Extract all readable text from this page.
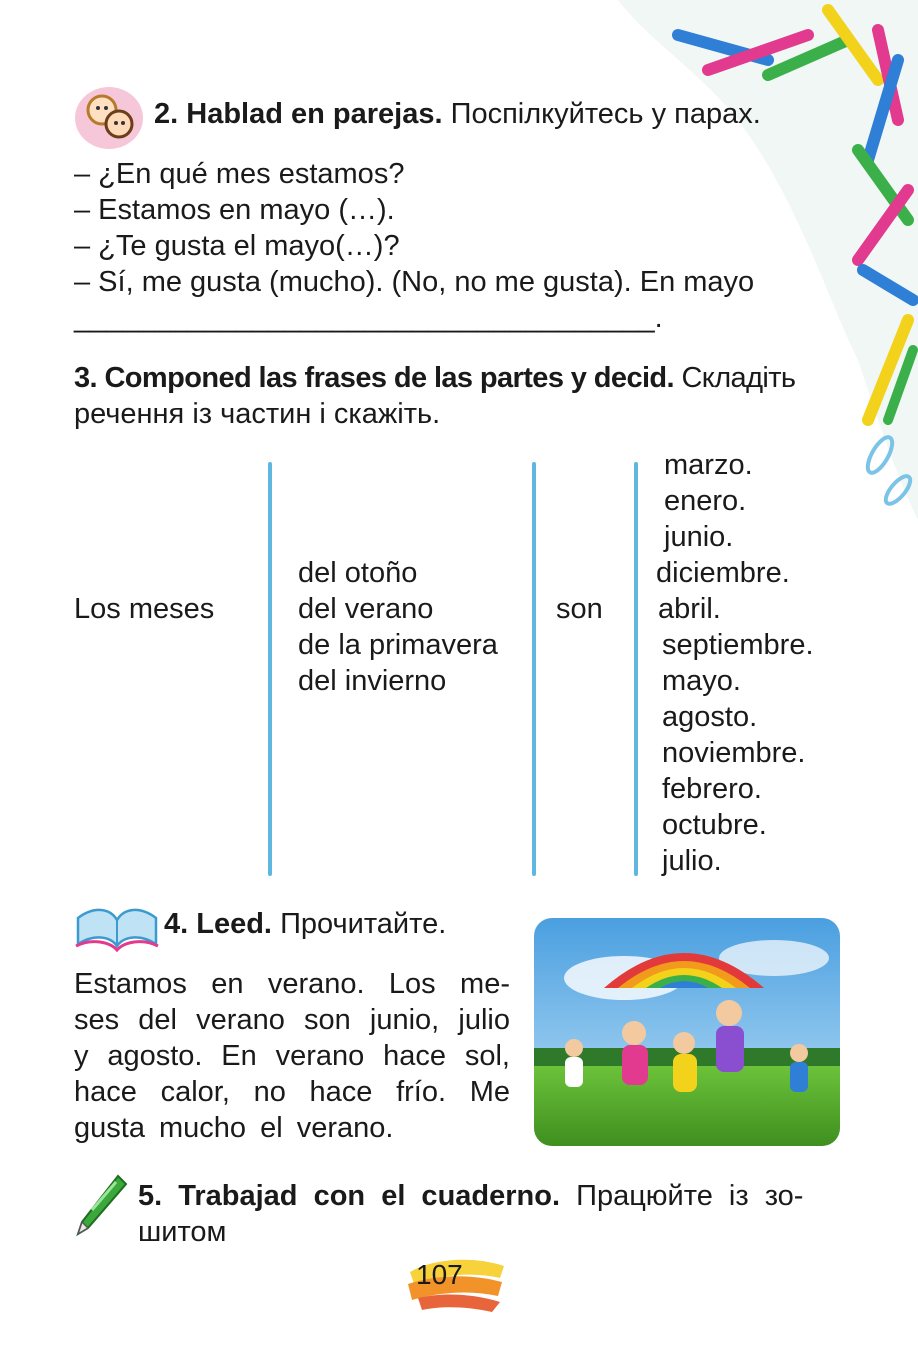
2. Hablad en parejas. Поспілкуйтесь у парах.
– ¿En qué mes estamos?
– Estamos en mayo (…).
– ¿Te gusta el mayo(…)?
– Sí, me gusta (mucho). (No, no me gusta). En mayo
____________________________________.
3. Componed las frases de las partes y decid. Складіть
речення із частин і скажіть.
Los meses
del otoño
del verano
de la primavera
del invierno
son
marzo.
enero.
junio.
diciembre.
abril.
septiembre.
mayo.
agosto.
noviembre.
febrero.
octubre.
julio.
4. Leed. Прочитайте.
Estamos en verano. Los me-
ses del verano son junio, julio
y agosto. En verano hace sol,
hace calor, no hace frío. Me
gusta mucho el verano.
5. Trabajad con el cuaderno. Працюйте із зо-
шитом
107
